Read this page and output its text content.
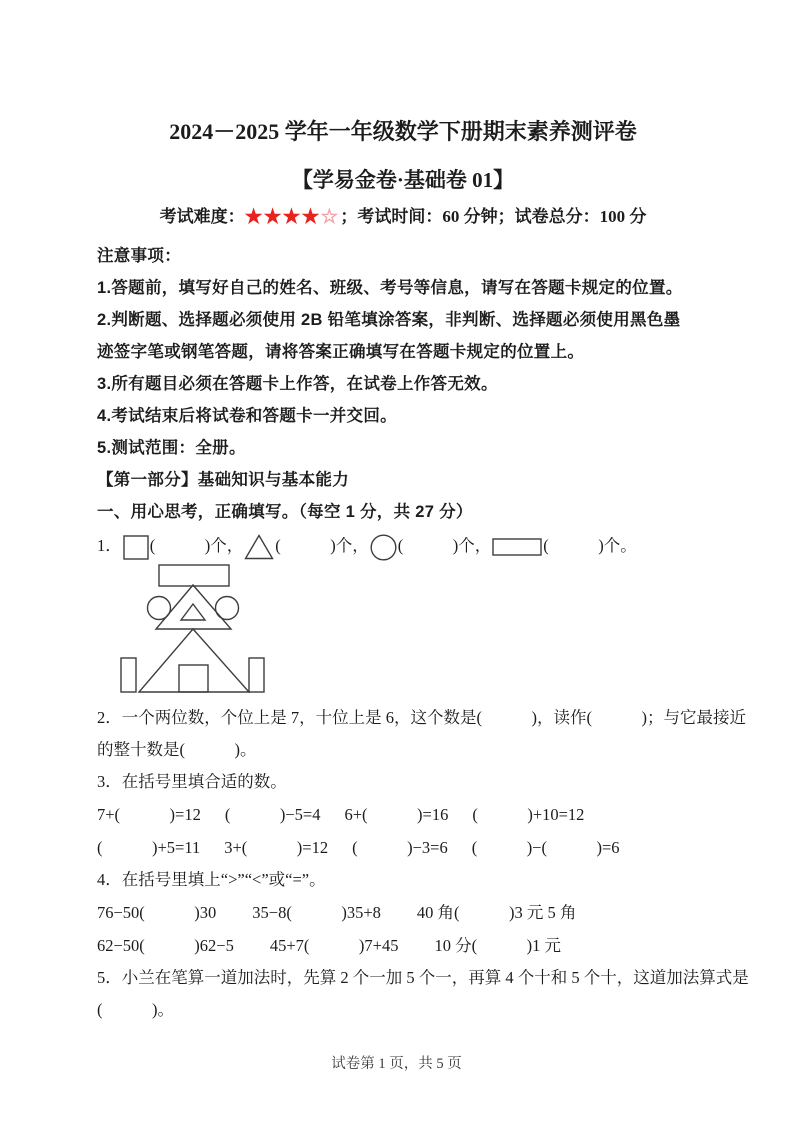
2024－2025 学年一年级数学下册期末素养测评卷
【学易金卷·基础卷 01】
考试难度：★★★★☆ ；考试时间：60 分钟；试卷总分：100 分
注意事项：
1.答题前，填写好自己的姓名、班级、考号等信息，请写在答题卡规定的位置。
2.判断题、选择题必须使用 2B 铅笔填涂答案，非判断、选择题必须使用黑色墨
迹签字笔或钢笔答题，请将答案正确填写在答题卡规定的位置上。
3.所有题目必须在答题卡上作答，在试卷上作答无效。
4.考试结束后将试卷和答题卡一并交回。
5.测试范围：全册。
【第一部分】基础知识与基本能力
一、用心思考，正确填写。（每空 1 分，共 27 分）
1． (　　　)个， (　　　)个， (　　　)个，	(　　　)个。
2．一个两位数，个位上是 7，十位上是 6，这个数是(　　　)，读作(　　　)；与它最接近
的整十数是(　　　)。
3．在括号里填合适的数。
7+(　　　)=12 (　　　)−5=4 6+(　　　)=16 (　　　)+10=12
(　　　)+5=11 3+(　　　)=12 (　　　)−3=6 (　　　)−(　　　)=6
4．在括号里填上“>”“<”或“=”。
76−50(　　　)30 35−8(　　　)35+8 40 角(　　　)3 元 5 角
62−50(　　　)62−5 45+7(　　　)7+45 10 分(　　　)1 元
5．小兰在笔算一道加法时，先算 2 个一加 5 个一，再算 4 个十和 5 个十，这道加法算式是
(　　　)。
试卷第 1 页，共 5 页
